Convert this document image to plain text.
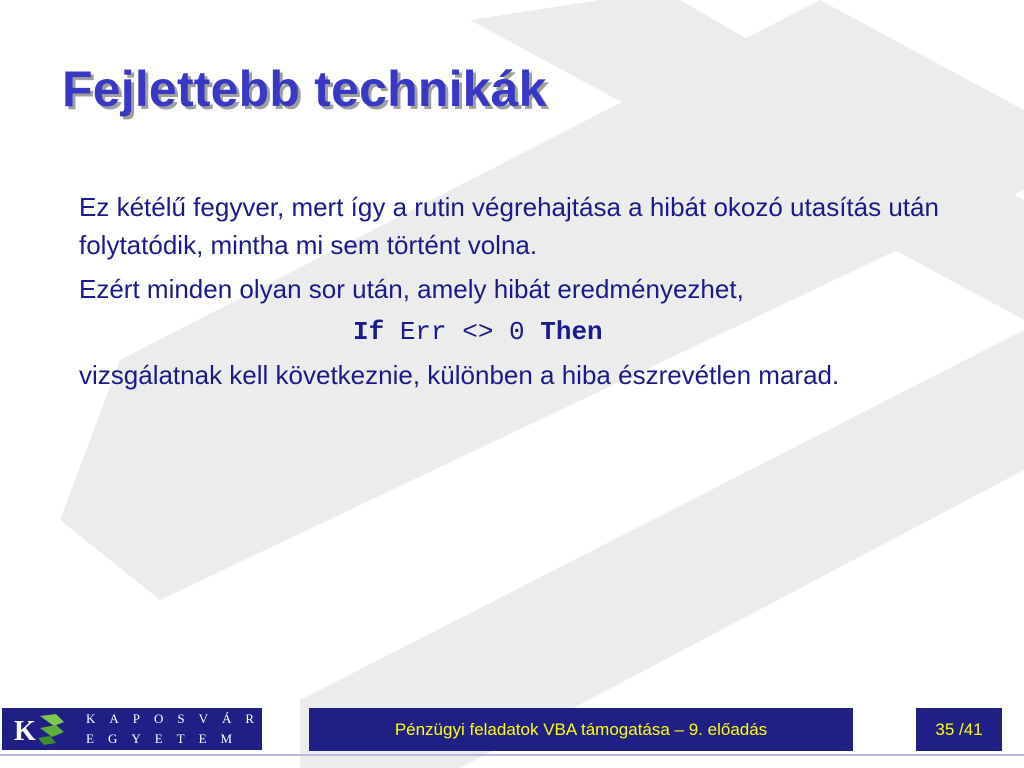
Fejlettebb technikák

Ez kétélű fegyver, mert így a rutin végrehajtása a hibát okozó utasítás után folytatódik, mintha mi sem történt volna.

Ezért minden olyan sor után, amely hibát eredményezhet,

If Err <> 0 Then

vizsgálatnak kell következnie, különben a hiba észrevétlen marad.

K	KAPOSVÁRI
EGYETEM	Pénzügyi feladatok VBA támogatása – 9. előadás	35 /41
